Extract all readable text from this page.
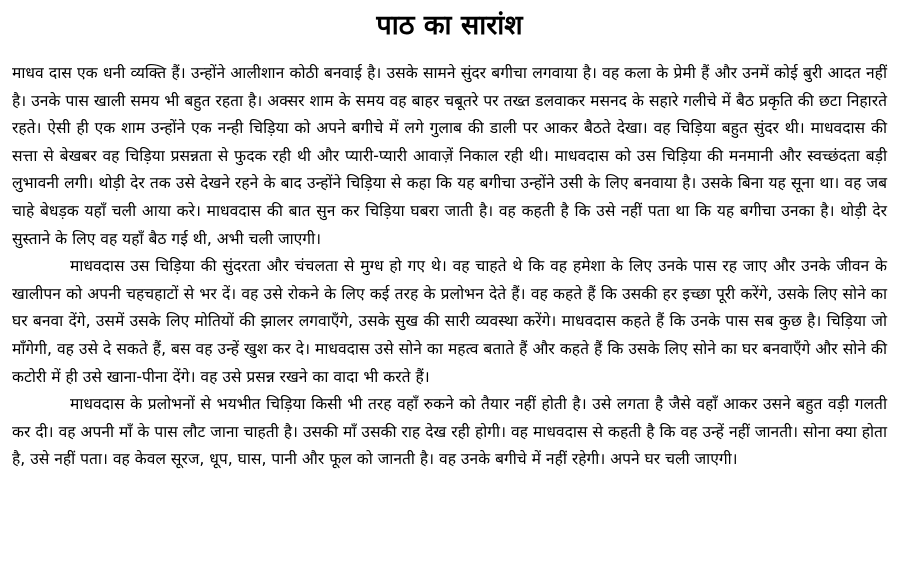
पाठ का सारांश

माधव दास एक धनी व्यक्ति हैं। उन्होंने आलीशान कोठी बनवाई है। उसके सामने सुंदर बगीचा लगवाया है। वह कला के प्रेमी हैं और उनमें कोई बुरी आदत नहीं है। उनके पास खाली समय भी बहुत रहता है। अक्सर शाम के समय वह बाहर चबूतरे पर तख्त डलवाकर मसनद के सहारे गलीचे में बैठ प्रकृति की छटा निहारते रहते। ऐसी ही एक शाम उन्होंने एक नन्ही चिड़िया को अपने बगीचे में लगे गुलाब की डाली पर आकर बैठते देखा। वह चिड़िया बहुत सुंदर थी। माधवदास की सत्ता से बेखबर वह चिड़िया प्रसन्नता से फुदक रही थी और प्यारी-प्यारी आवाज़ें निकाल रही थी। माधवदास को उस चिड़िया की मनमानी और स्वच्छंदता बड़ी लुभावनी लगी। थोड़ी देर तक उसे देखने रहने के बाद उन्होंने चिड़िया से कहा कि यह बगीचा उन्होंने उसी के लिए बनवाया है। उसके बिना यह सूना था। वह जब चाहे बेधड़क यहाँ चली आया करे। माधवदास की बात सुन कर चिड़िया घबरा जाती है। वह कहती है कि उसे नहीं पता था कि यह बगीचा उनका है। थोड़ी देर सुस्ताने के लिए वह यहाँ बैठ गई थी, अभी चली जाएगी।

माधवदास उस चिड़िया की सुंदरता और चंचलता से मुग्ध हो गए थे। वह चाहते थे कि वह हमेशा के लिए उनके पास रह जाए और उनके जीवन के खालीपन को अपनी चहचहाटों से भर दें। वह उसे रोकने के लिए कई तरह के प्रलोभन देते हैं। वह कहते हैं कि उसकी हर इच्छा पूरी करेंगे, उसके लिए सोने का घर बनवा देंगे, उसमें उसके लिए मोतियों की झालर लगवाएँगे, उसके सुख की सारी व्यवस्था करेंगे। माधवदास कहते हैं कि उनके पास सब कुछ है। चिड़िया जो माँगेगी, वह उसे दे सकते हैं, बस वह उन्हें खुश कर दे। माधवदास उसे सोने का महत्व बताते हैं और कहते हैं कि उसके लिए सोने का घर बनवाएँगे और सोने की कटोरी में ही उसे खाना-पीना देंगे। वह उसे प्रसन्न रखने का वादा भी करते हैं।

माधवदास के प्रलोभनों से भयभीत चिड़िया किसी भी तरह वहाँ रुकने को तैयार नहीं होती है। उसे लगता है जैसे वहाँ आकर उसने बहुत वड़ी गलती कर दी। वह अपनी माँ के पास लौट जाना चाहती है। उसकी माँ उसकी राह देख रही होगी। वह माधवदास से कहती है कि वह उन्हें नहीं जानती। सोना क्या होता है, उसे नहीं पता। वह केवल सूरज, धूप, घास, पानी और फूल को जानती है। वह उनके बगीचे में नहीं रहेगी। अपने घर चली जाएगी।
